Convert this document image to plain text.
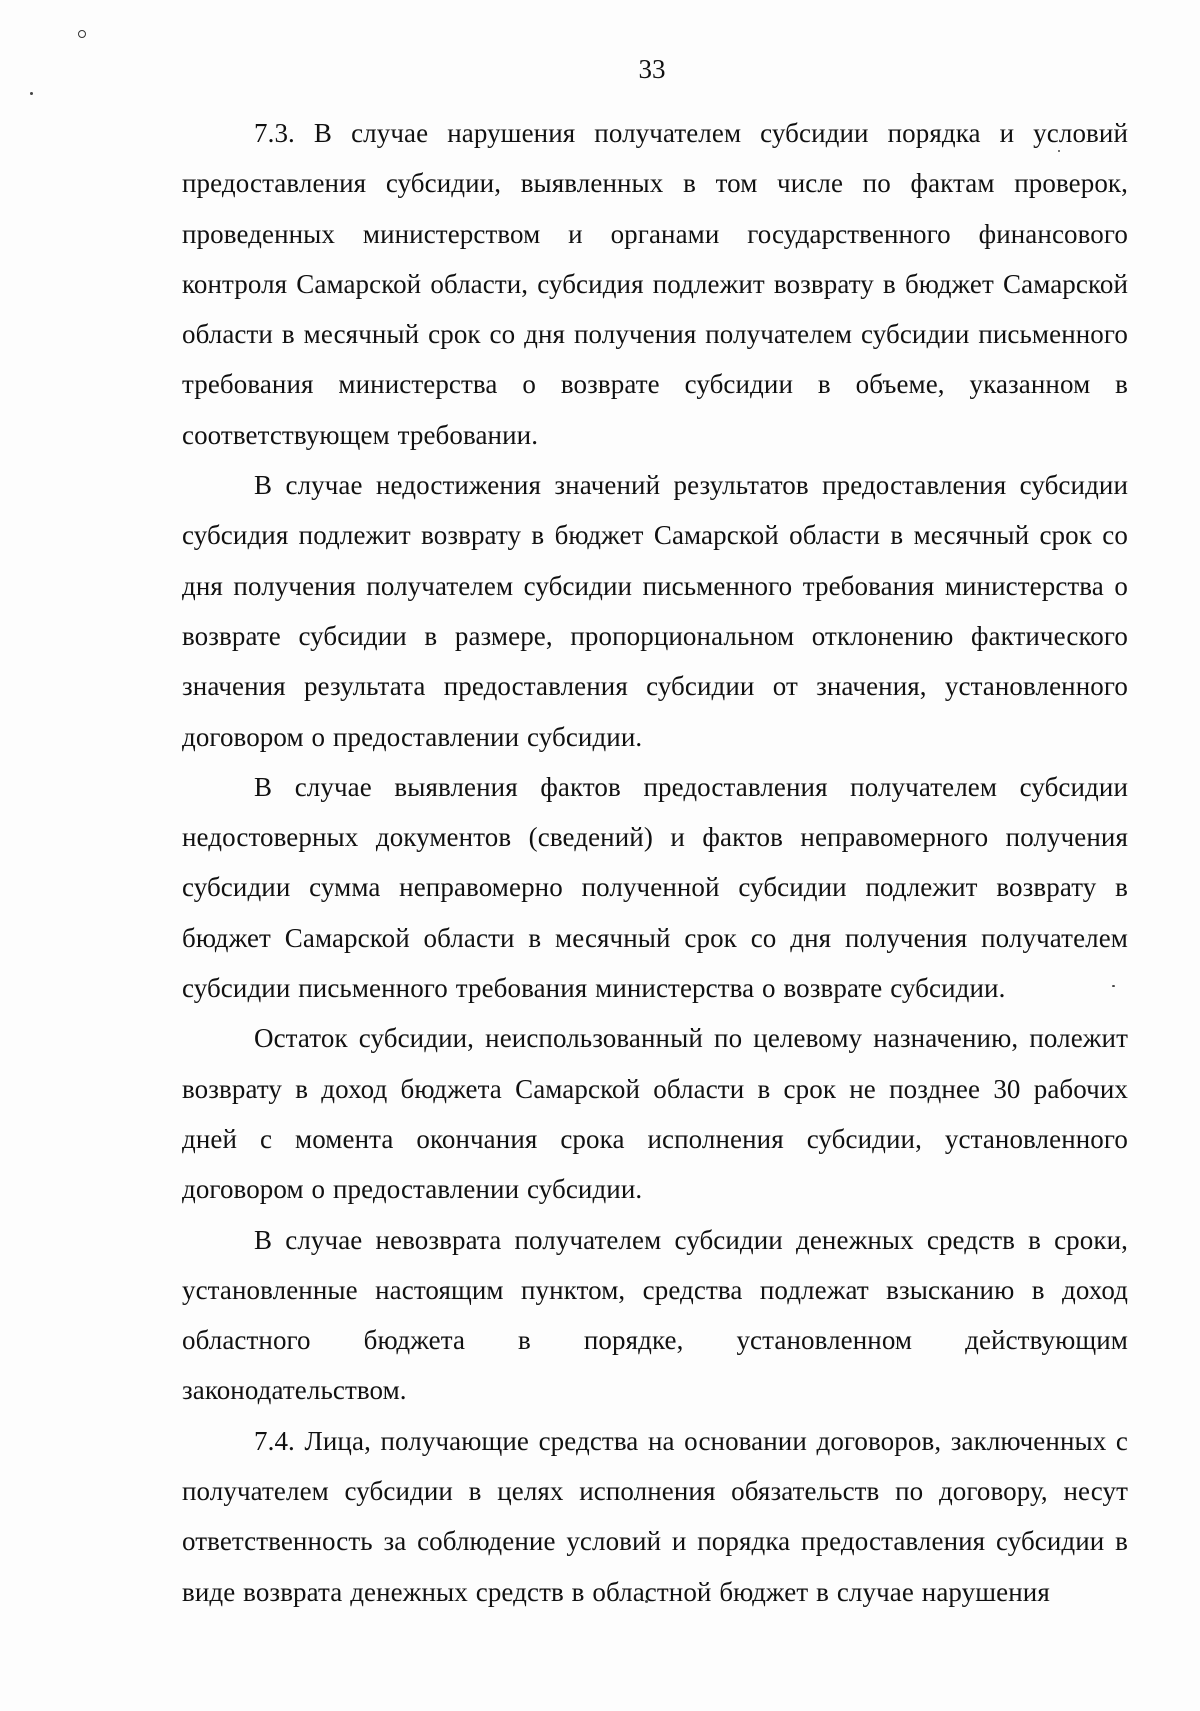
33

7.3. В случае нарушения получателем субсидии порядка и условий предоставления субсидии, выявленных в том числе по фактам проверок, проведенных министерством и органами государственного финансового контроля Самарской области, субсидия подлежит возврату в бюджет Самарской области в месячный срок со дня получения получателем субсидии письменного требования министерства о возврате субсидии в объеме, указанном в соответствующем требовании.

В случае недостижения значений результатов предоставления субсидии субсидия подлежит возврату в бюджет Самарской области в месячный срок со дня получения получателем субсидии письменного требования министерства о возврате субсидии в размере, пропорциональном отклонению фактического значения результата предоставления субсидии от значения, установленного договором о предоставлении субсидии.

В случае выявления фактов предоставления получателем субсидии недостоверных документов (сведений) и фактов неправомерного получения субсидии сумма неправомерно полученной субсидии подлежит возврату в бюджет Самарской области в месячный срок со дня получения получателем субсидии письменного требования министерства о возврате субсидии.

Остаток субсидии, неиспользованный по целевому назначению, полежит возврату в доход бюджета Самарской области в срок не позднее 30 рабочих дней с момента окончания срока исполнения субсидии, установленного договором о предоставлении субсидии.

В случае невозврата получателем субсидии денежных средств в сроки, установленные настоящим пунктом, средства подлежат взысканию в доход областного бюджета в порядке, установленном действующим законодательством.

7.4. Лица, получающие средства на основании договоров, заключенных с получателем субсидии в целях исполнения обязательств по договору, несут ответственность за соблюдение условий и порядка предоставления субсидии в виде возврата денежных средств в областной бюджет в случае нарушения
